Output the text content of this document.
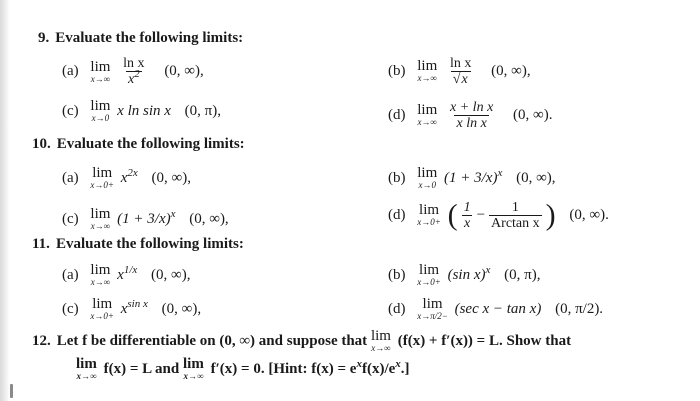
9. Evaluate the following limits:
(a) lim
x→∞
$\frac{\text{ln x}}{x^2} (0$, ∞),	(b) lim
x→∞
$\frac{\text{ln x}}{√x} (0$, ∞),
(c) lim
x→0 x ln sin x (0, π),	(d) lim
x→∞
$\frac{\text{x + ln x}}{\text{x ln x}} (0$, ∞).
10. Evaluate the following limits:
(a) lim
$x\to 0+ x^{2x}$ (0, ∞),	(b) lim
x→0 $(1 + 3/x)^x$ (0, ∞),
(c) lim
x→∞ $(1 + 3/x)^x$ (0, ∞),	(d) lim
x→0+ ( $\frac{1}{x} - \frac{1}{\text{Arctan x}}$ ) (0, ∞).
11. Evaluate the following limits:
(a) lim
x→∞ $x^{1/x}$ (0, ∞),	(b) lim
x→0+ (sin x)$^x$ (0, π),
(c) lim
$x\to 0+ x^{sin x}$ (0, ∞),	(d) lim
x→π/2− (sec x − tan x) (0, π/2).
12. Let f be differentiable on (0, ∞) and suppose that lim
x→∞ (f(x) + f′(x)) = L. Show that
lim
x→∞ f(x) = L and lim
x→∞ f′(x) = 0. [Hint: $f(x) = e^xf(x)/e^x$.]
